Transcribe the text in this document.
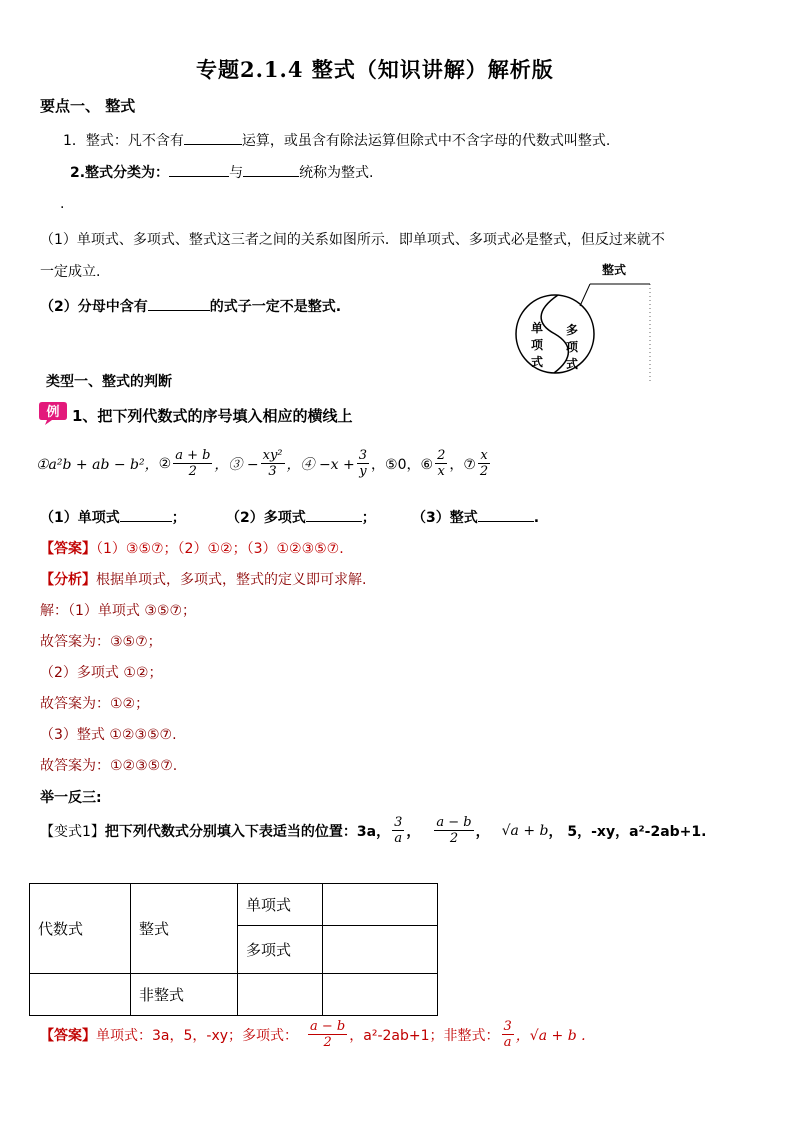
专题2.1.4 整式（知识讲解）解析版
要点一、 整式
1．整式：凡不含有	运算，或虽含有除法运算但除式中不含字母的代数式叫整式.
2.整式分类为：	与	统称为整式.
.
（1）单项式、多项式、整式这三者之间的关系如图所示．即单项式、多项式必是整式，但反过来就不
一定成立.
（2）分母中含有	的式子一定不是整式.
整式
单
项
式
多
项
式
类型一、整式的判断
例 1、把下列代数式的序号填入相应的横线上
①a²b + ab − b²， ② $\frac{a + b}{2}$ ，③ − $\frac{\text{xy²}}{3}$ ，④ $-x + \frac{3}{y}$ ，⑤0，⑥ $\frac{2}{x}$ ，⑦ $\frac{x}{2}$
（1）单项式	；	（2）多项式	；	（3）整式	.
【答案】（1）③⑤⑦；（2）①②；（3）①②③⑤⑦.
【分析】根据单项式，多项式，整式的定义即可求解.
解：（1）单项式 ③⑤⑦；
故答案为：③⑤⑦；
（2）多项式 ①②；
故答案为：①②；
（3）整式 ①②③⑤⑦.
故答案为：①②③⑤⑦.
举一反三:
【变式1】 把下列代数式分别填入下表适当的位置：3a， $\frac{3}{a}$ ， $\frac{a - b}{2}$ ， √a + b ， 5，-xy，a²-2ab+1.
代数式	整式	单项式	
		多项式	
	非整式		
【答案】 单项式：3a，5，-xy；多项式： $\frac{a - b}{2}$ ，a²-2ab+1；非整式： $\frac{3}{a}$ ，√a + b .
